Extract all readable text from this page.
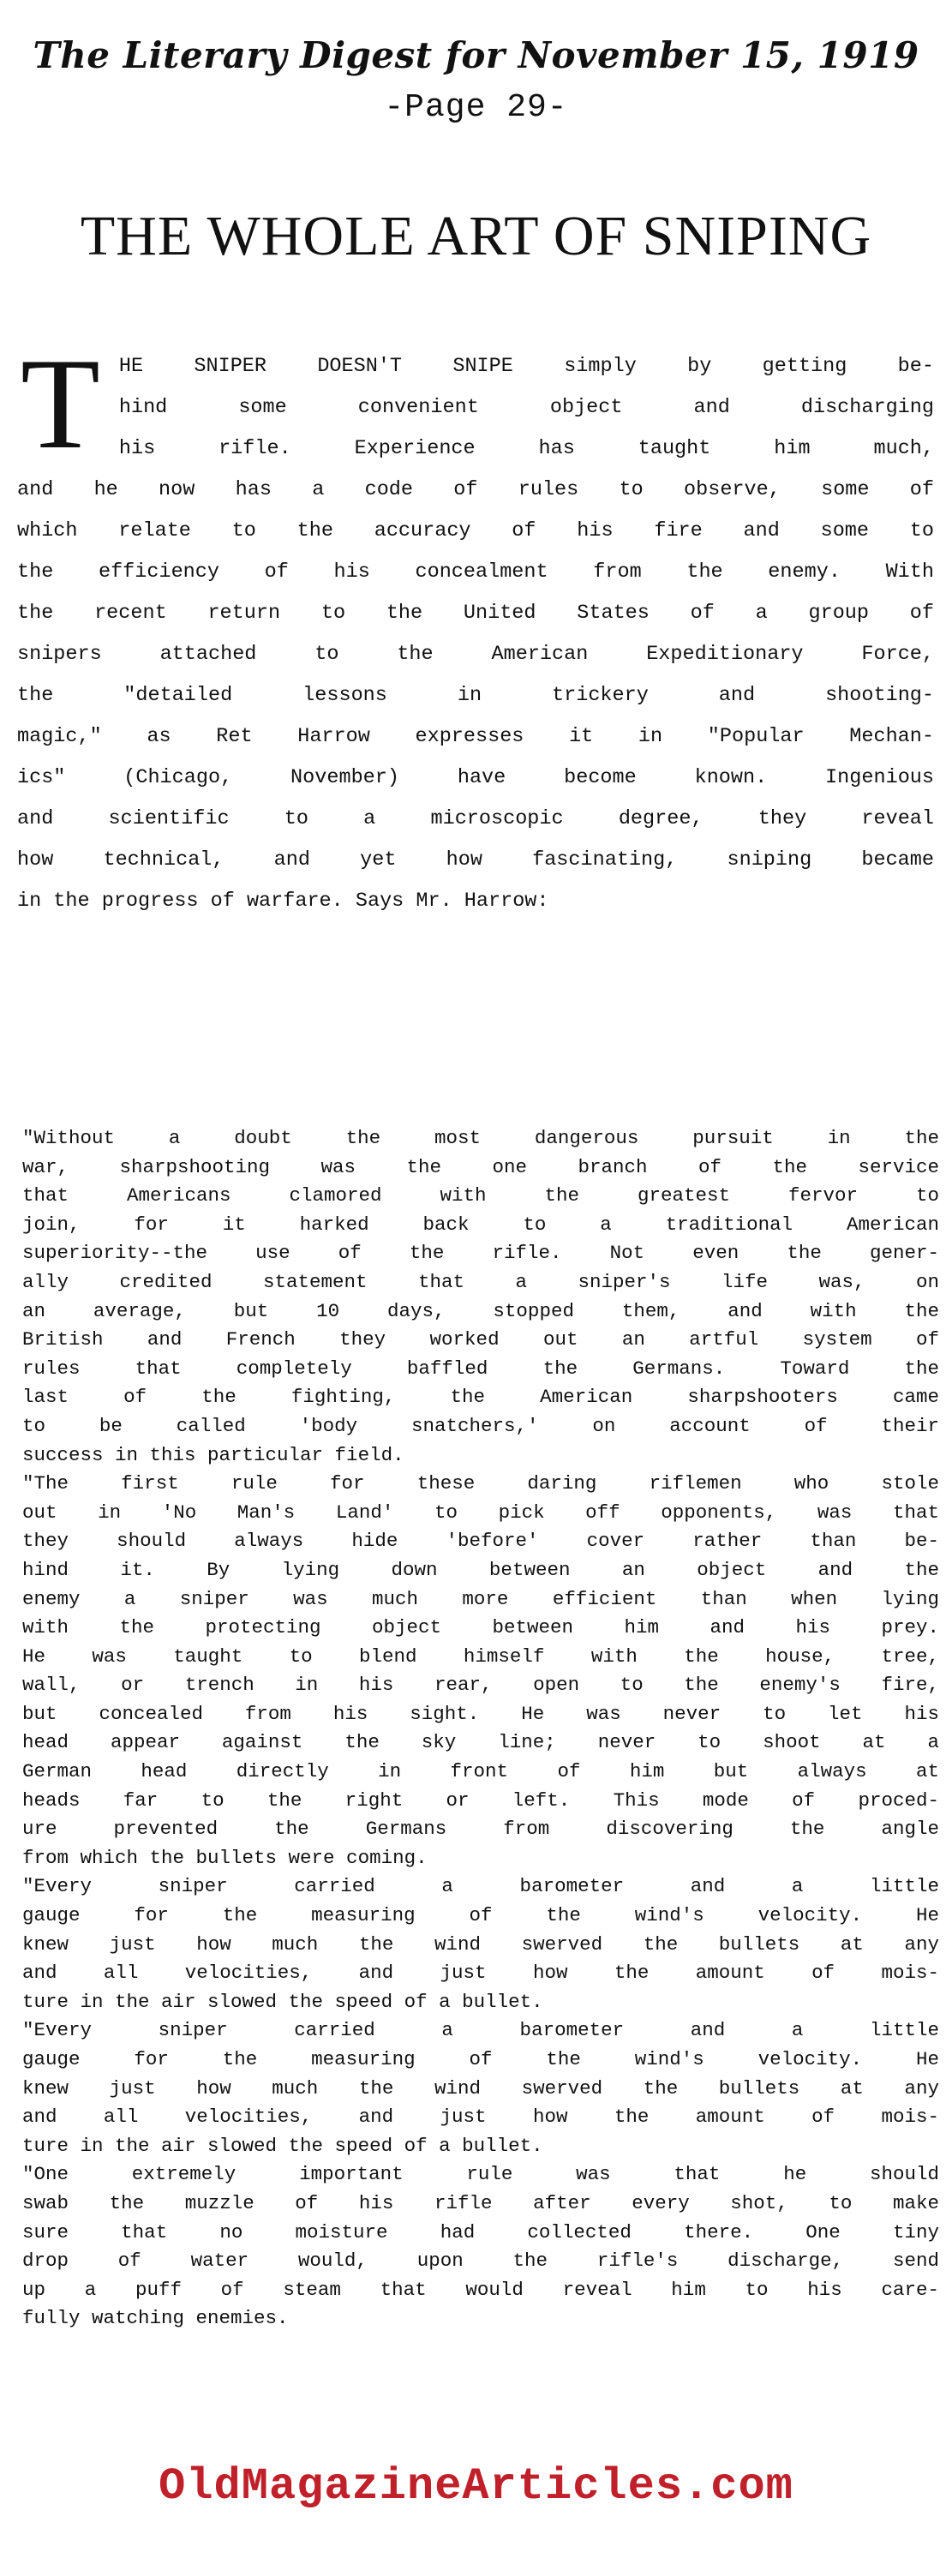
The Literary Digest for November 15, 1919
-Page 29-
THE WHOLE ART OF SNIPING
T HE SNIPER DOESN'T SNIPE simply by getting be-
hind some convenient object and discharging
his rifle. Experience has taught him much,
and he now has a code of rules to observe, some of
which relate to the accuracy of his fire and some to
the efficiency of his concealment from the enemy. With
the recent return to the United States of a group of
snipers attached to the American Expeditionary Force,
the "detailed lessons in trickery and shooting-
magic," as Ret Harrow expresses it in "Popular Mechan-
ics" (Chicago, November) have become known. Ingenious
and scientific to a microscopic degree, they reveal
how technical, and yet how fascinating, sniping became
in the progress of warfare. Says Mr. Harrow:
"Without a doubt the most dangerous pursuit in the
war, sharpshooting was the one branch of the service
that Americans clamored with the greatest fervor to
join, for it harked back to a traditional American
superiority--the use of the rifle. Not even the gener-
ally credited statement that a sniper's life was, on
an average, but 10 days, stopped them, and with the
British and French they worked out an artful system of
rules that completely baffled the Germans. Toward the
last of the fighting, the American sharpshooters came
to be called 'body snatchers,' on account of their
success in this particular field.
"The first rule for these daring riflemen who stole
out in 'No Man's Land' to pick off opponents, was that
they should always hide 'before' cover rather than be-
hind it. By lying down between an object and the
enemy a sniper was much more efficient than when lying
with the protecting object between him and his prey.
He was taught to blend himself with the house, tree,
wall, or trench in his rear, open to the enemy's fire,
but concealed from his sight. He was never to let his
head appear against the sky line; never to shoot at a
German head directly in front of him but always at
heads far to the right or left. This mode of proced-
ure prevented the Germans from discovering the angle
from which the bullets were coming.
"Every sniper carried a barometer and a little
gauge for the measuring of the wind's velocity. He
knew just how much the wind swerved the bullets at any
and all velocities, and just how the amount of mois-
ture in the air slowed the speed of a bullet.
"Every sniper carried a barometer and a little
gauge for the measuring of the wind's velocity. He
knew just how much the wind swerved the bullets at any
and all velocities, and just how the amount of mois-
ture in the air slowed the speed of a bullet.
"One extremely important rule was that he should
swab the muzzle of his rifle after every shot, to make
sure that no moisture had collected there. One tiny
drop of water would, upon the rifle's discharge, send
up a puff of steam that would reveal him to his care-
fully watching enemies.
OldMagazineArticles.com
